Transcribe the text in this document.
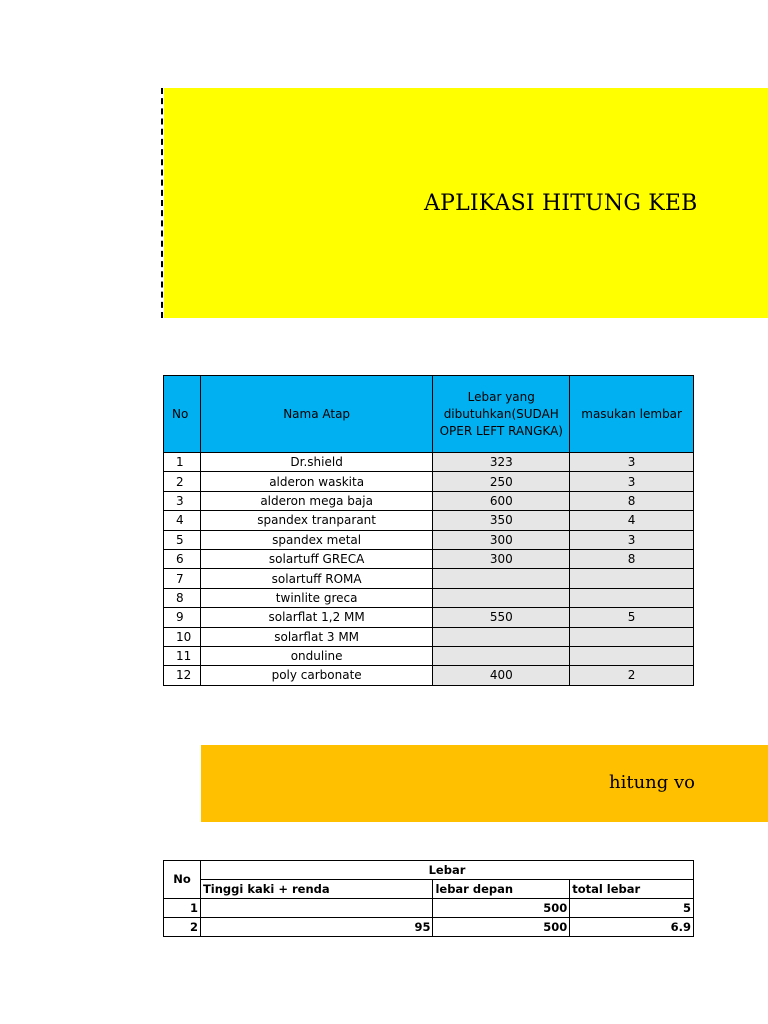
APLIKASI HITUNG KEB
No	Nama Atap	Lebar yang dibutuhkan(SUDAH OPER LEFT RANGKA)	masukan lembar
1	Dr.shield	323	3
2	alderon waskita	250	3
3	alderon mega baja	600	8
4	spandex tranparant	350	4
5	spandex metal	300	3
6	solartuff GRECA	300	8
7	solartuff ROMA		
8	twinlite greca		
9	solarflat 1,2 MM	550	5
10	solarflat 3 MM		
11	onduline		
12	poly carbonate	400	2
hitung vo
No	Lebar		
	Tinggi kaki + renda	lebar depan	total lebar
1		500	5
2	95	500	6.9
